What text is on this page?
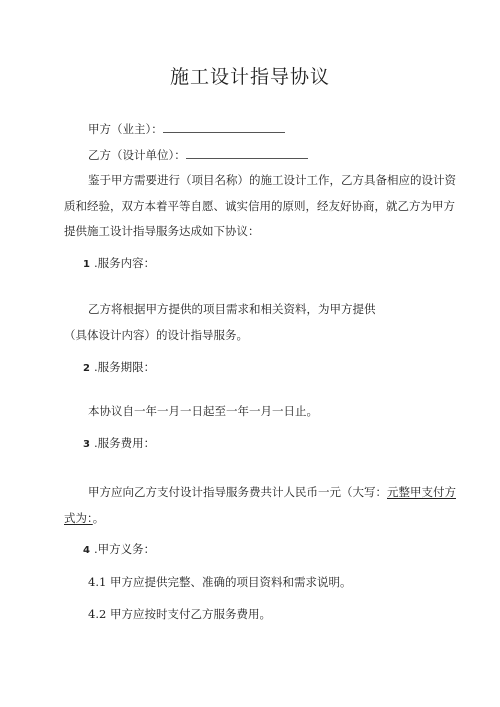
施工设计指导协议
甲方（业主）：
乙方（设计单位）：
鉴于甲方需要进行（项目名称）的施工设计工作，乙方具备相应的设计资
质和经验，双方本着平等自愿、诚实信用的原则，经友好协商，就乙方为甲方
提供施工设计指导服务达成如下协议：
1 .服务内容：
乙方将根据甲方提供的项目需求和相关资料，为甲方提供
（具体设计内容）的设计指导服务。
2 .服务期限：
本协议自一年一月一日起至一年一月一日止。
3 .服务费用：
甲方应向乙方支付设计指导服务费共计人民币一元（大写：元整甲支付方
式为：。
4 .甲方义务：
4.1 甲方应提供完整、准确的项目资料和需求说明。
4.2 甲方应按时支付乙方服务费用。
